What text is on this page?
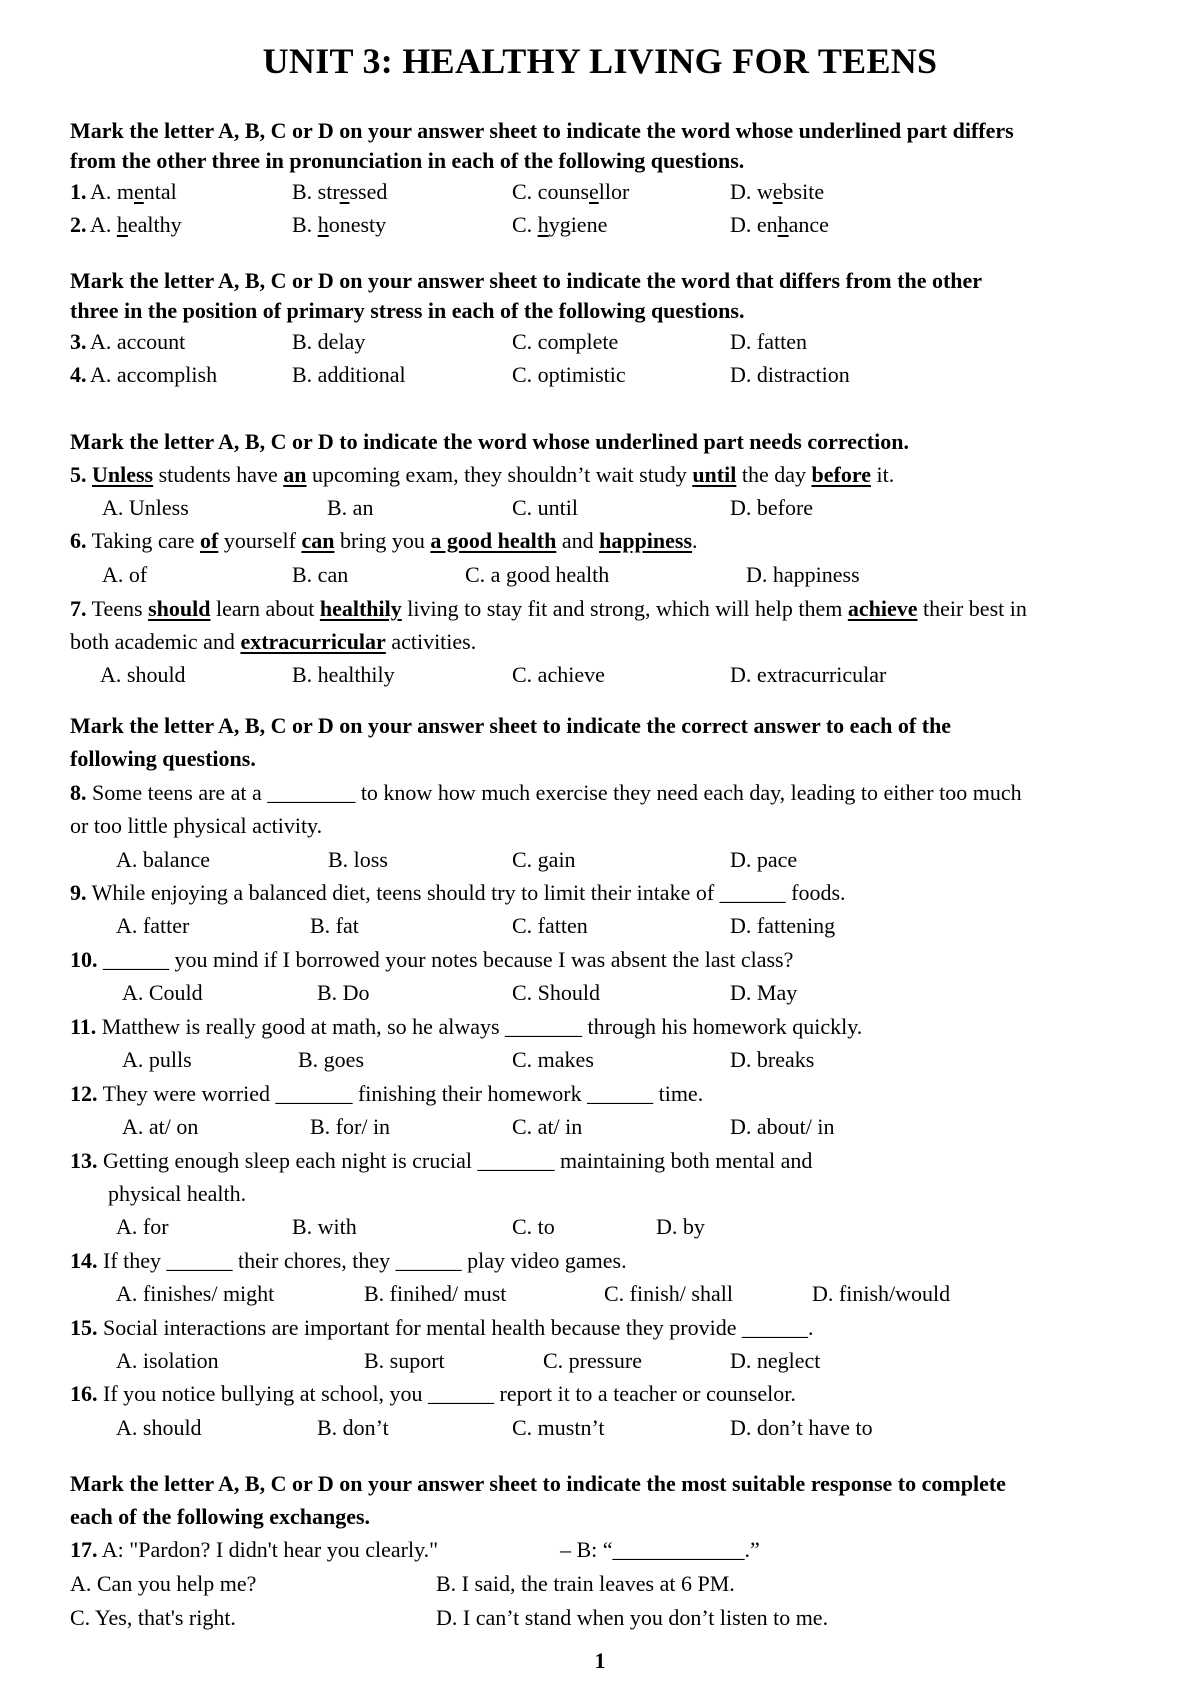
UNIT 3: HEALTHY LIVING FOR TEENS
Mark the letter A, B, C or D on your answer sheet to indicate the word whose underlined part differs
from the other three in pronunciation in each of the following questions.
1. A. mental	B. stressed	C. counsellor	D. website
2. A. healthy	B. honesty	C. hygiene	D. enhance
Mark the letter A, B, C or D on your answer sheet to indicate the word that differs from the other
three in the position of primary stress in each of the following questions.
3. A. account	B. delay	C. complete	D. fatten
4. A. accomplish	B. additional	C. optimistic	D. distraction
Mark the letter A, B, C or D to indicate the word whose underlined part needs correction.
5. Unless students have an upcoming exam, they shouldn’t wait study until the day before it.
A. Unless	B. an	C. until	D. before
6. Taking care of yourself can bring you a good health and happiness.
A. of	B. can	C. a good health	D. happiness
7. Teens should learn about healthily living to stay fit and strong, which will help them achieve their best in
both academic and extracurricular activities.
A. should	B. healthily	C. achieve	D. extracurricular
Mark the letter A, B, C or D on your answer sheet to indicate the correct answer to each of the
following questions.
8. Some teens are at a ________ to know how much exercise they need each day, leading to either too much
or too little physical activity.
A. balance	B. loss	C. gain	D. pace
9. While enjoying a balanced diet, teens should try to limit their intake of ______ foods.
A. fatter	B. fat	C. fatten	D. fattening
10. ______ you mind if I borrowed your notes because I was absent the last class?
A. Could	B. Do	C. Should	D. May
11. Matthew is really good at math, so he always _______ through his homework quickly.
A. pulls	B. goes	C. makes	D. breaks
12. They were worried _______ finishing their homework ______ time.
A. at/ on	B. for/ in	C. at/ in	D. about/ in
13. Getting enough sleep each night is crucial _______ maintaining both mental and
physical health.
A. for	B. with	C. to	D. by
14. If they ______ their chores, they ______ play video games.
A. finishes/ might	B. finihed/ must	C. finish/ shall	D. finish/would
15. Social interactions are important for mental health because they provide ______.
A. isolation	B. suport	C. pressure	D. neglect
16. If you notice bullying at school, you ______ report it to a teacher or counselor.
A. should	B. don’t	C. mustn’t	D. don’t have to
Mark the letter A, B, C or D on your answer sheet to indicate the most suitable response to complete
each of the following exchanges.
17. A: "Pardon? I didn't hear you clearly."	– B: “____________.”
A. Can you help me?	B. I said, the train leaves at 6 PM.
C. Yes, that's right.	D. I can’t stand when you don’t listen to me.
1
